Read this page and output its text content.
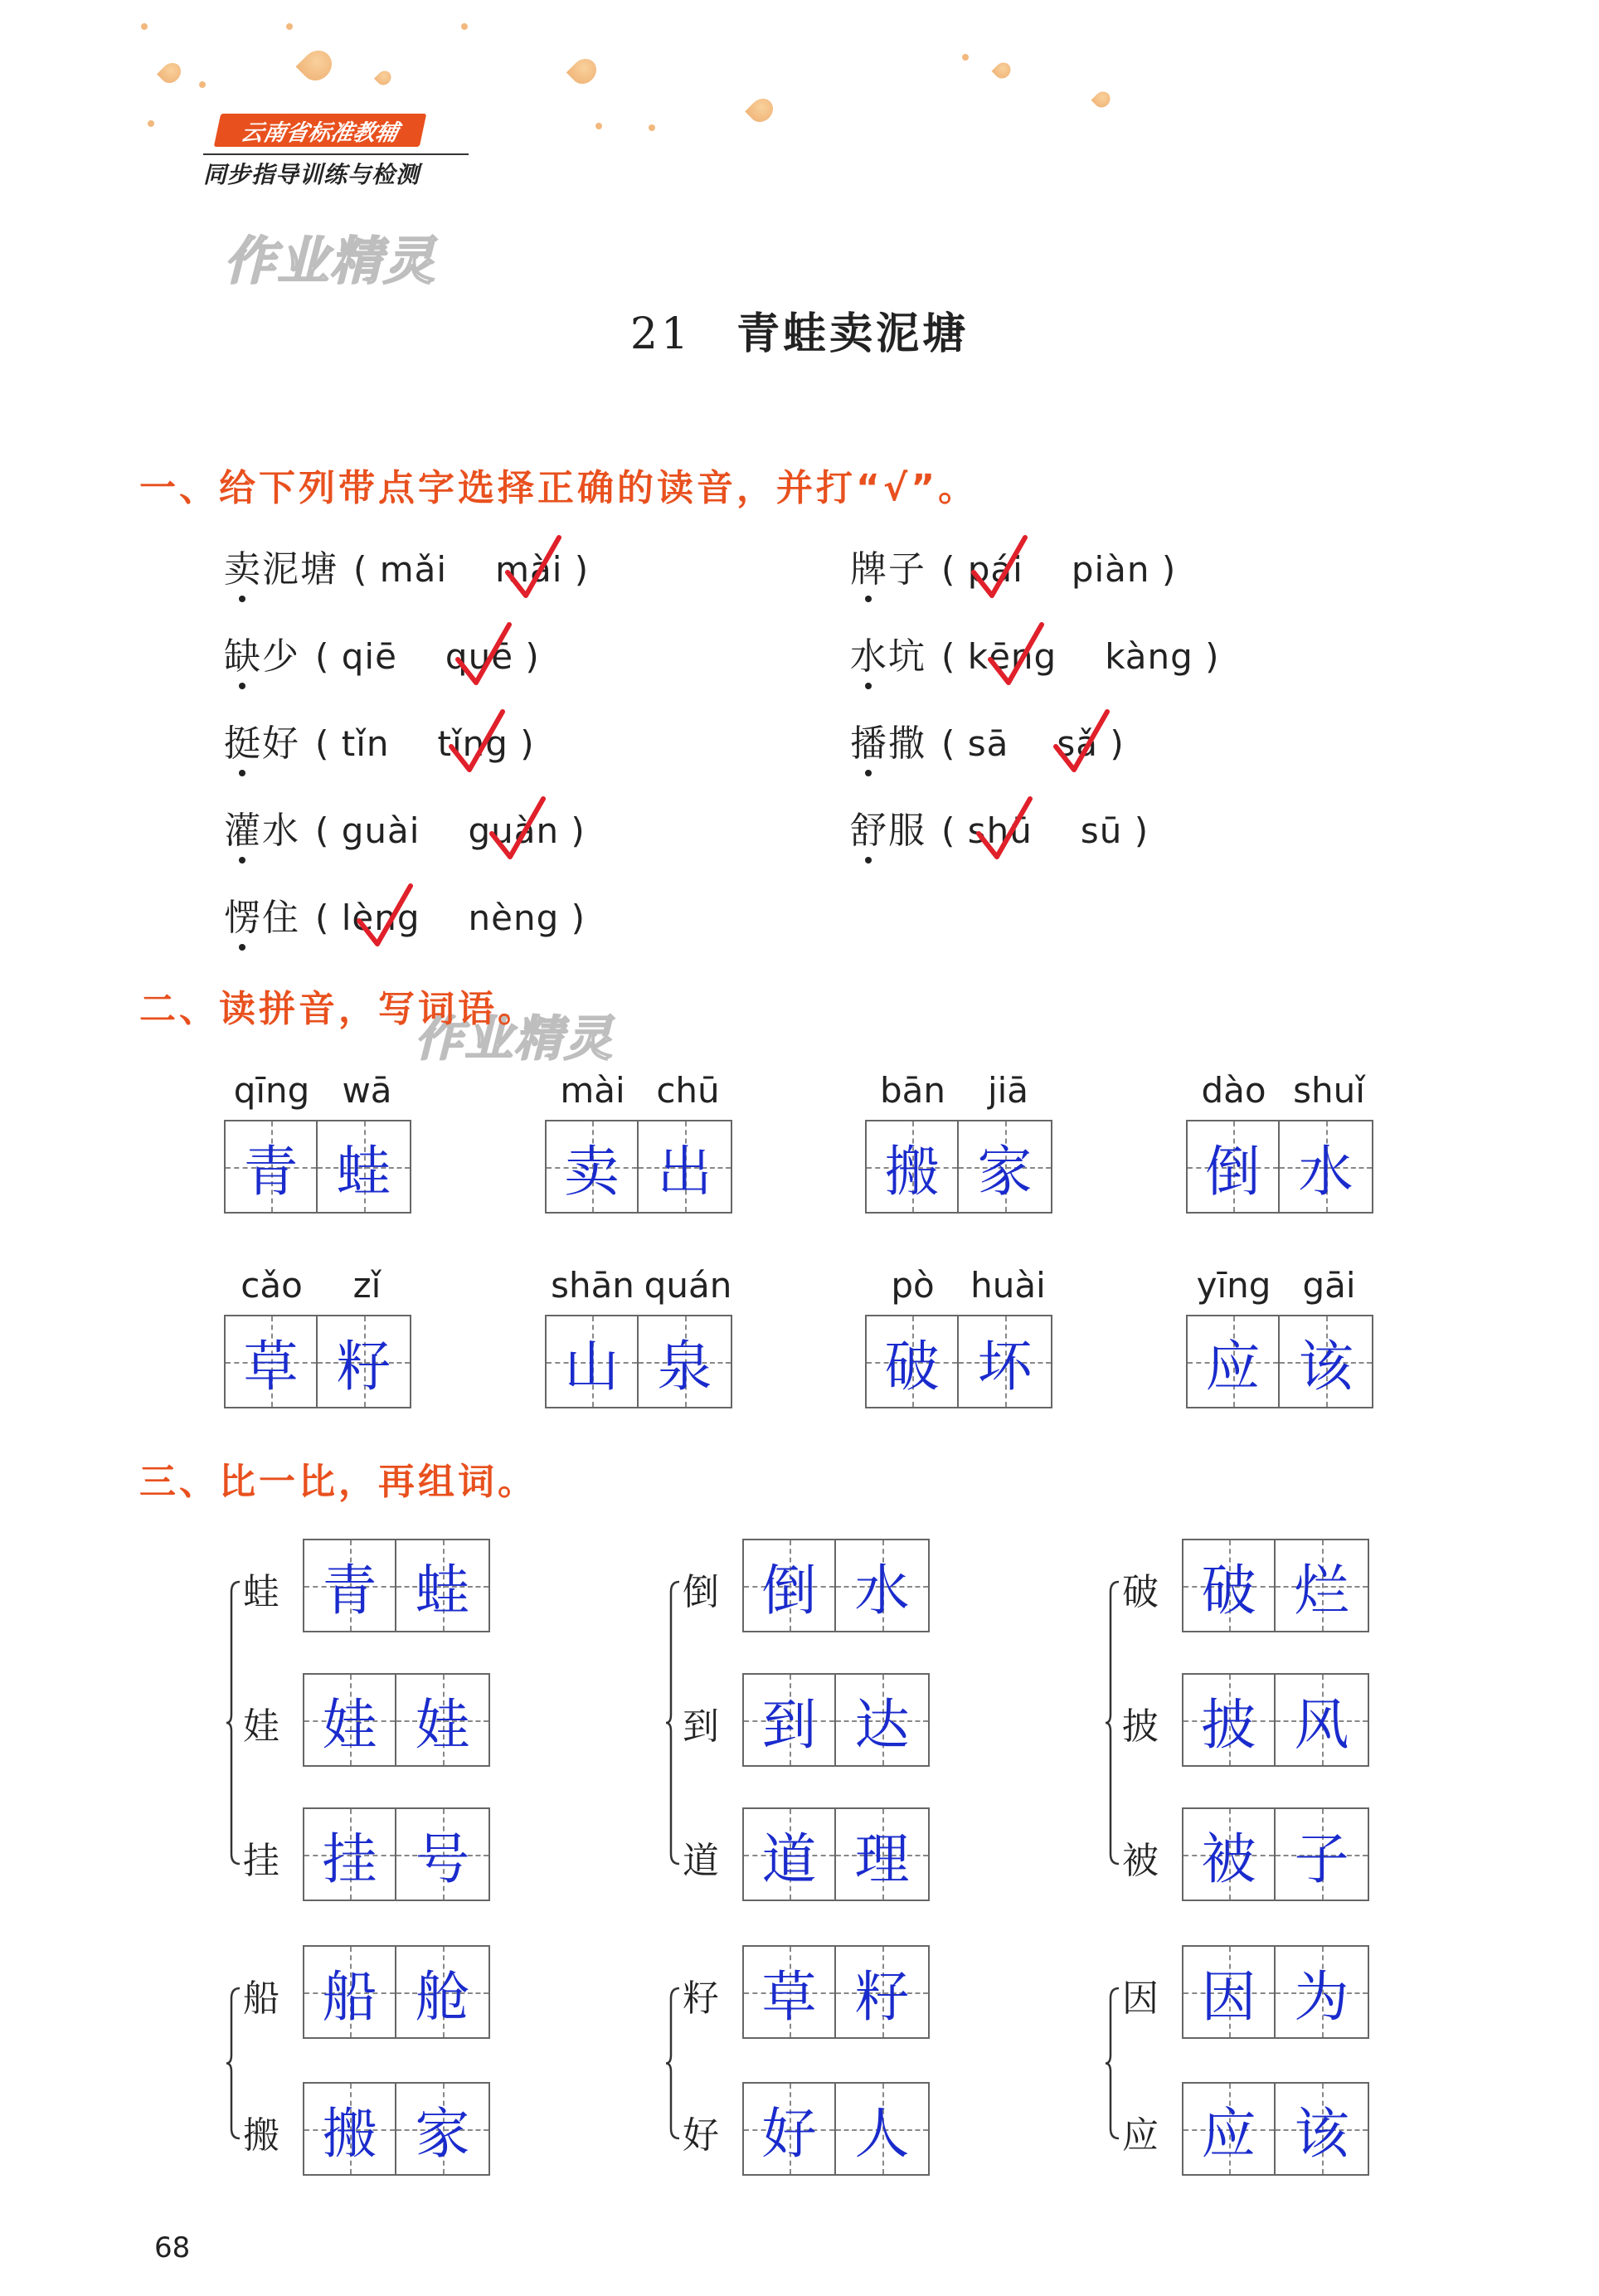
云南省标准教辅
同步指导训练与检测
作业精灵
作业精灵
21 青蛙卖泥塘
一、给下列带点字选择正确的读音，并打“√”。
卖泥塘 ( mǎi mài )	牌子 ( pái piàn )
缺少 ( qiē quē )	水坑 ( kēng kàng )
挺好 ( tǐn tǐng )	播撒 ( sā sǎ )
灌水 ( guài guàn )	舒服 ( shū sū )
愣住 ( lèng nèng )
二、读拼音，写词语。
qīng wā
青 蛙
mài chū
卖 出
bān jiā
搬 家
dào shuǐ
倒 水
cǎo zǐ
草 籽
shān quán
山 泉
pò huài
破 坏
yīng gāi
应 该
三、比一比，再组词。
蛙 青 蛙
娃 娃 娃
挂 挂 号
倒 倒 水
到 到 达
道 道 理
破 破 烂
披 披 风
被 被 子
船 船 舱
搬 搬 家
籽 草 籽
好 好 人
因 因 为
应 应 该
68
